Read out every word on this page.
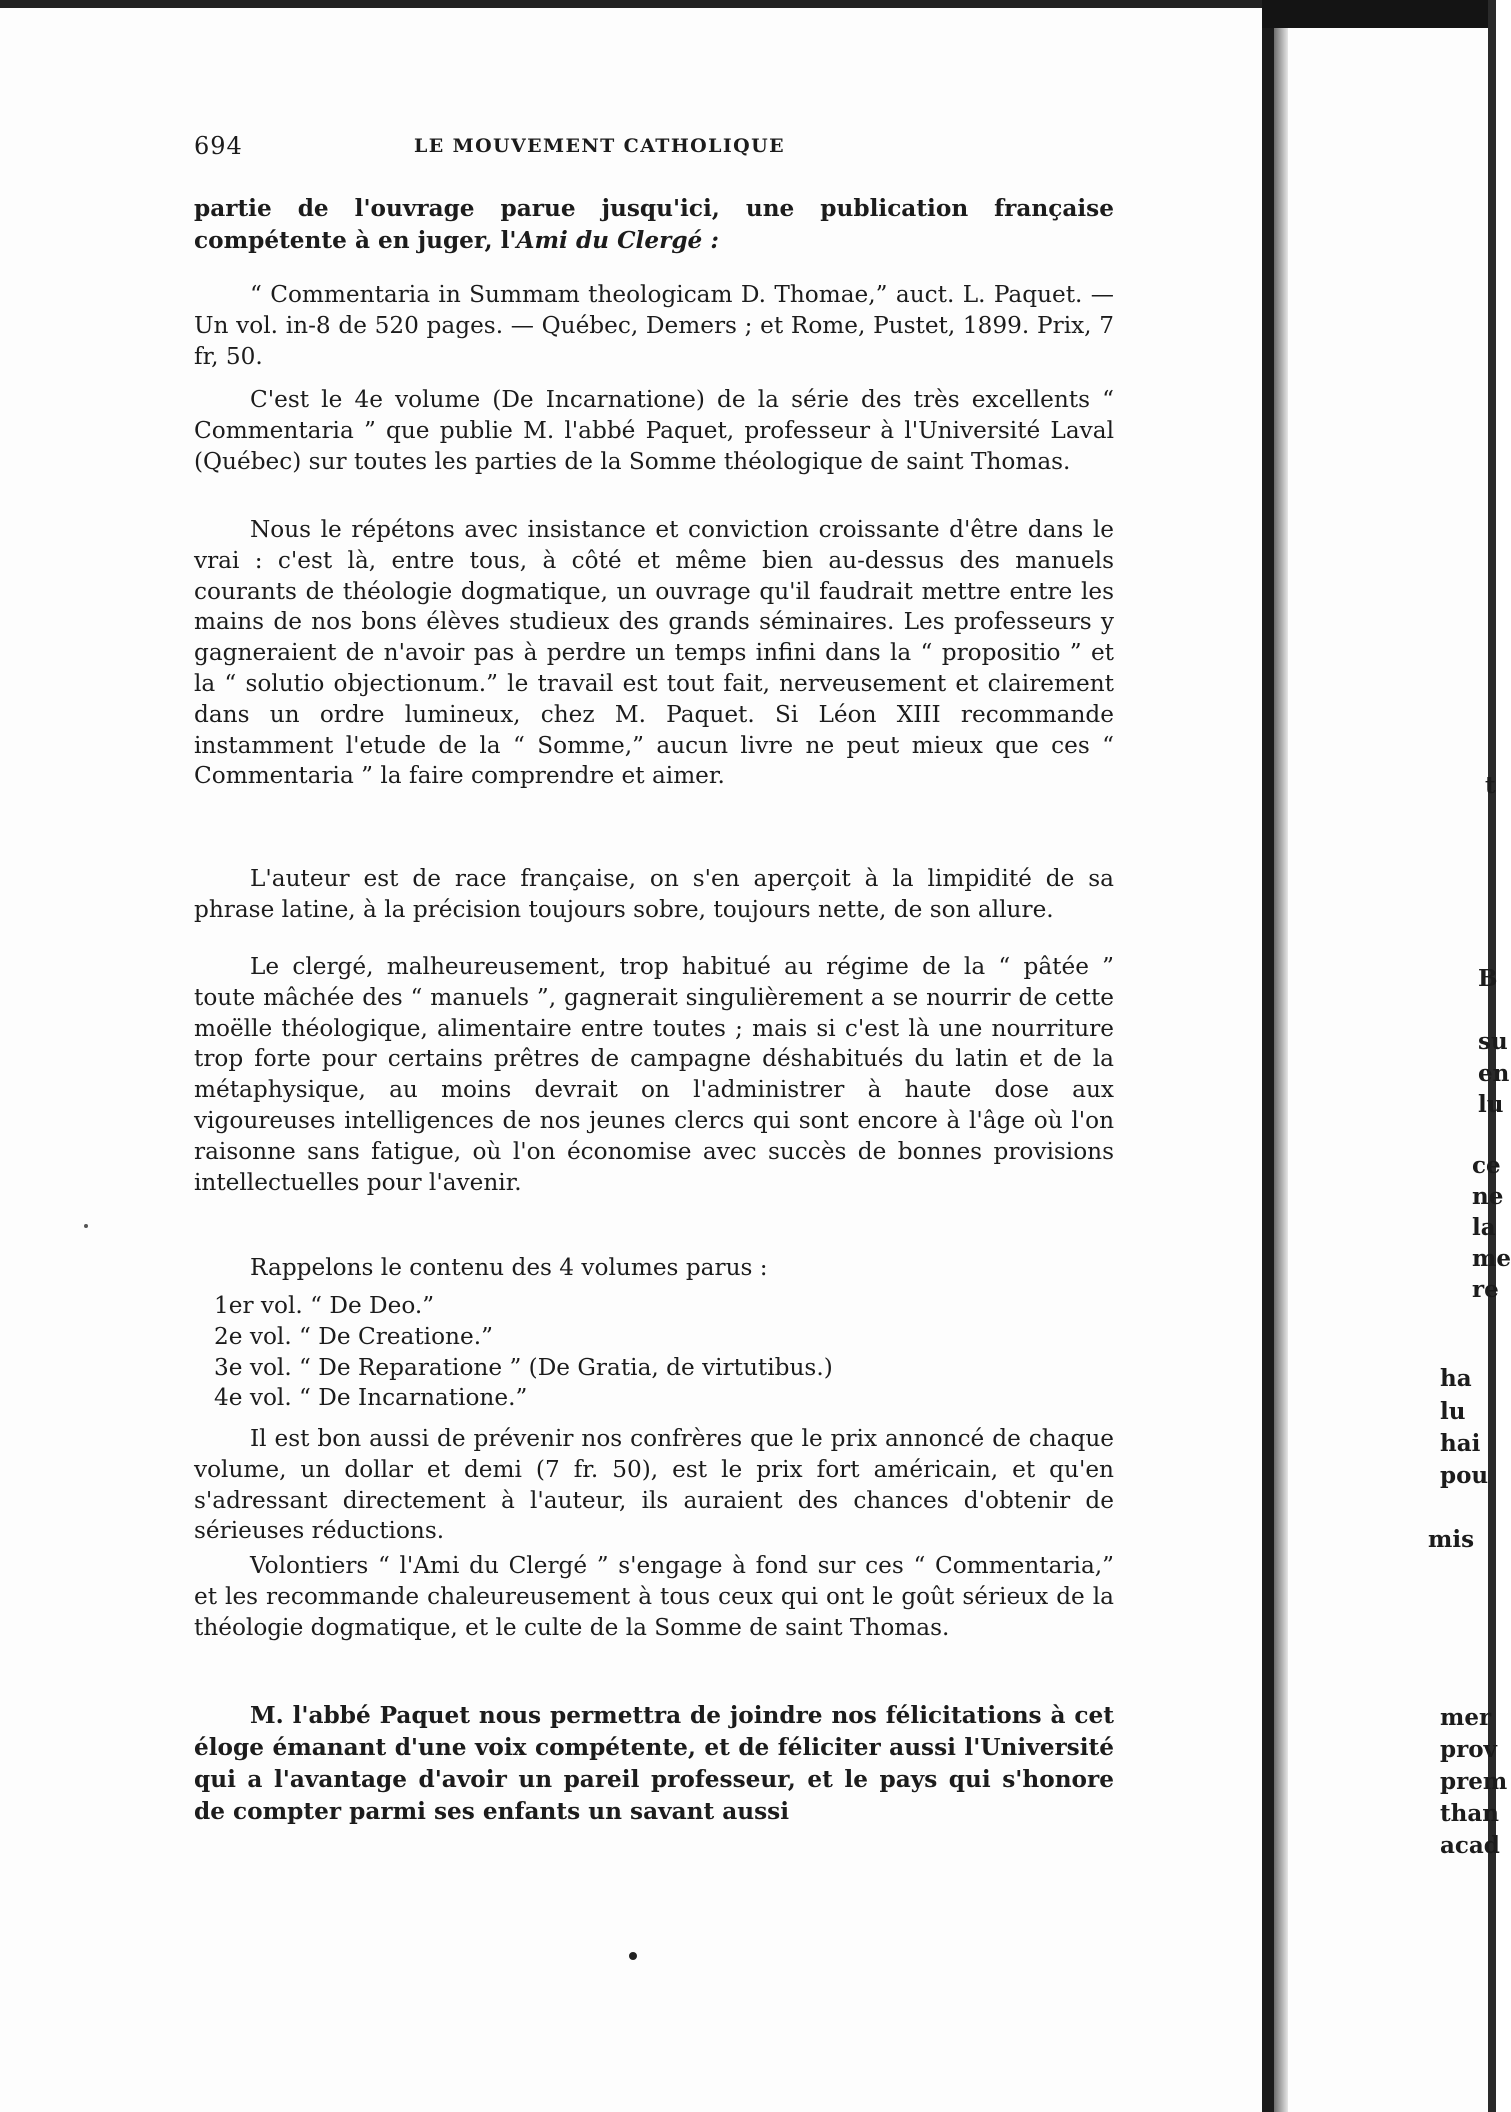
694	LE MOUVEMENT CATHOLIQUE
partie de l'ouvrage parue jusqu'ici, une publication française compétente à en juger, l'Ami du Clergé :
“ Commentaria in Summam theologicam D. Thomae,” auct. L. Paquet. — Un vol. in-8 de 520 pages. — Québec, Demers ; et Rome, Pustet, 1899. Prix, 7 fr, 50.
C'est le 4e volume (De Incarnatione) de la série des très excellents “ Commentaria ” que publie M. l'abbé Paquet, professeur à l'Université Laval (Québec) sur toutes les parties de la Somme théologique de saint Thomas.
Nous le répétons avec insistance et conviction croissante d'être dans le vrai : c'est là, entre tous, à côté et même bien au-dessus des manuels courants de théologie dogmatique, un ouvrage qu'il faudrait mettre entre les mains de nos bons élèves studieux des grands séminaires. Les professeurs y gagneraient de n'avoir pas à perdre un temps infini dans la “ propositio ” et la “ solutio objectionum.” le travail est tout fait, nerveusement et clairement dans un ordre lumineux, chez M. Paquet. Si Léon XIII recommande instamment l'etude de la “ Somme,” aucun livre ne peut mieux que ces “ Commentaria ” la faire comprendre et aimer.
L'auteur est de race française, on s'en aperçoit à la limpidité de sa phrase latine, à la précision toujours sobre, toujours nette, de son allure.
Le clergé, malheureusement, trop habitué au régime de la “ pâtée ” toute mâchée des “ manuels ”, gagnerait singulièrement a se nourrir de cette moëlle théologique, alimentaire entre toutes ; mais si c'est là une nourriture trop forte pour certains prêtres de campagne déshabitués du latin et de la métaphysique, au moins devrait on l'administrer à haute dose aux vigoureuses intelligences de nos jeunes clercs qui sont encore à l'âge où l'on raisonne sans fatigue, où l'on économise avec succès de bonnes provisions intellectuelles pour l'avenir.
Rappelons le contenu des 4 volumes parus :
1er vol. “ De Deo.”
2e vol. “ De Creatione.”
3e vol. “ De Reparatione ” (De Gratia, de virtutibus.)
4e vol. “ De Incarnatione.”
Il est bon aussi de prévenir nos confrères que le prix annoncé de chaque volume, un dollar et demi (7 fr. 50), est le prix fort américain, et qu'en s'adressant directement à l'auteur, ils auraient des chances d'obtenir de sérieuses réductions.
Volontiers “ l'Ami du Clergé ” s'engage à fond sur ces “ Commentaria,” et les recommande chaleureusement à tous ceux qui ont le goût sérieux de la théologie dogmatique, et le culte de la Somme de saint Thomas.
M. l'abbé Paquet nous permettra de joindre nos félicitations à cet éloge émanant d'une voix compétente, et de féliciter aussi l'Université qui a l'avantage d'avoir un pareil professeur, et le pays qui s'honore de compter parmi ses enfants un savant aussi
t
B
su
en
lu
ce
ne
la
me
re
ha
lu
hai
pou
mis
mer
prov
prem
than
acad
